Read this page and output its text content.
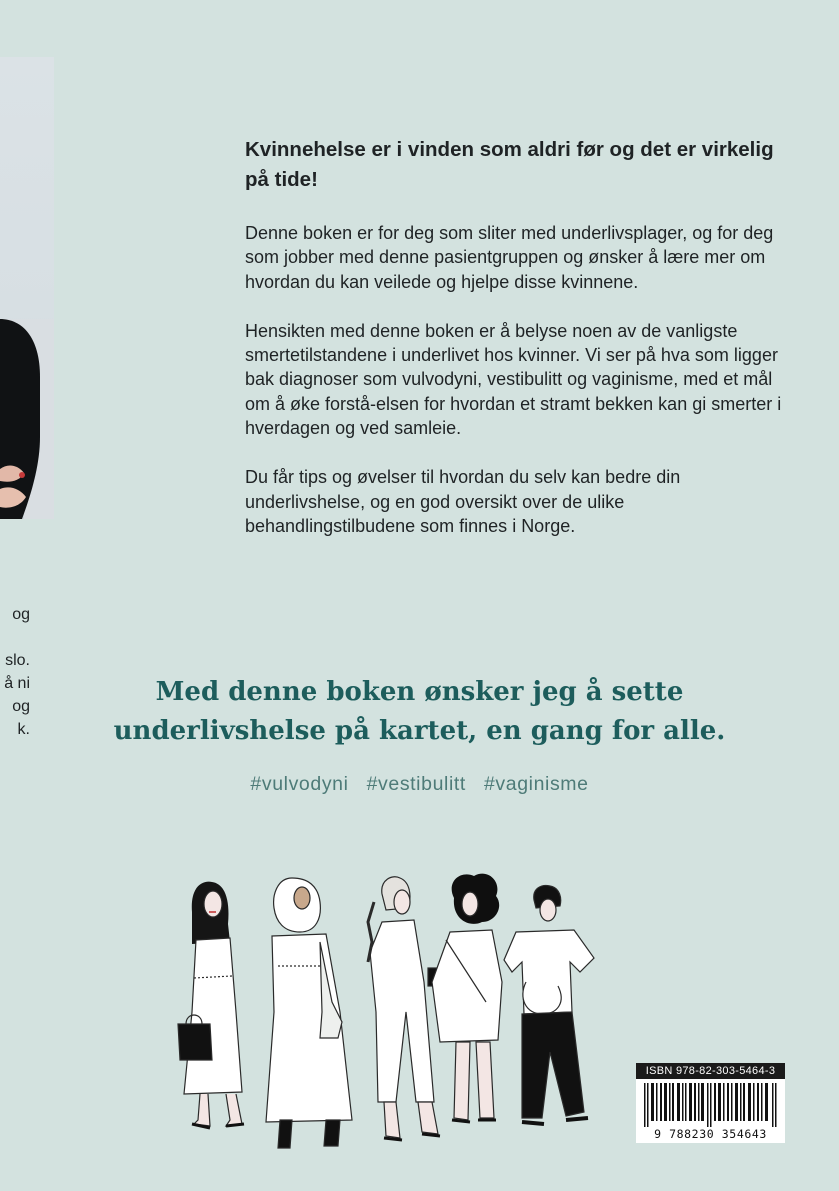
og
slo.
å ni
og
k.

Kvinnehelse er i vinden som aldri før og det er virkelig på tide!

Denne boken er for deg som sliter med underlivsplager, og for deg som jobber med denne pasientgruppen og ønsker å lære mer om hvordan du kan veilede og hjelpe disse kvinnene.

Hensikten med denne boken er å belyse noen av de vanligste smertetilstandene i underlivet hos kvinner. Vi ser på hva som ligger bak diagnoser som vulvodyni, vestibulitt og vaginisme, med et mål om å øke forstå-elsen for hvordan et stramt bekken kan gi smerter i hverdagen og ved samleie.

Du får tips og øvelser til hvordan du selv kan bedre din underlivshelse, og en god oversikt over de ulike behandlingstilbudene som finnes i Norge.

Med denne boken ønsker jeg å sette
underlivshelse på kartet, en gang for alle.
#vulvodyni #vestibulitt #vaginisme
ISBN 978-82-303-5464-3
9 788230 354643
